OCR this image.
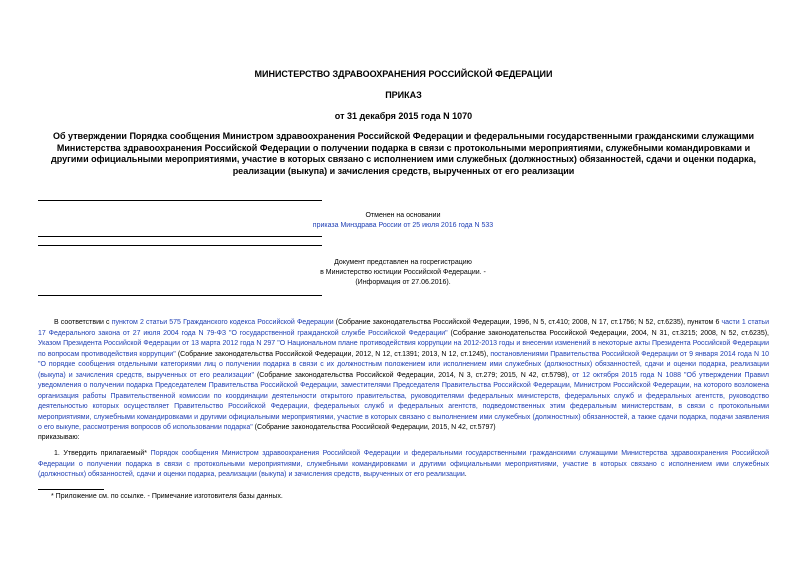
МИНИСТЕРСТВО ЗДРАВООХРАНЕНИЯ РОССИЙСКОЙ ФЕДЕРАЦИИ
ПРИКАЗ
от 31 декабря 2015 года N 1070
Об утверждении Порядка сообщения Министром здравоохранения Российской Федерации и федеральными государственными гражданскими служащими Министерства здравоохранения Российской Федерации о получении подарка в связи с протокольными мероприятиями, служебными командировками и другими официальными мероприятиями, участие в которых связано с исполнением ими служебных (должностных) обязанностей, сдачи и оценки подарка, реализации (выкупа) и зачисления средств, вырученных от его реализации
Отменен на основании
приказа Минздрава России от 25 июля 2016 года N 533
Документ представлен на госрегистрацию
в Министерство юстиции Российской Федерации. -
(Информация от 27.06.2016).
В соответствии с пунктом 2 статьи 575 Гражданского кодекса Российской Федерации (Собрание законодательства Российской Федерации, 1996, N 5, ст.410; 2008, N 17, ст.1756; N 52, ст.6235), пунктом 6 части 1 статьи 17 Федерального закона от 27 июля 2004 года N 79-ФЗ "О государственной гражданской службе Российской Федерации" (Собрание законодательства Российской Федерации, 2004, N 31, ст.3215; 2008, N 52, ст.6235), Указом Президента Российской Федерации от 13 марта 2012 года N 297 "О Национальном плане противодействия коррупции на 2012-2013 годы и внесении изменений в некоторые акты Президента Российской Федерации по вопросам противодействия коррупции" (Собрание законодательства Российской Федерации, 2012, N 12, ст.1391; 2013, N 12, ст.1245), постановлениями Правительства Российской Федерации от 9 января 2014 года N 10 "О порядке сообщения отдельными категориями лиц о получении подарка в связи с их должностным положением или исполнением ими служебных (должностных) обязанностей, сдачи и оценки подарка, реализации (выкупа) и зачисления средств, вырученных от его реализации" (Собрание законодательства Российской Федерации, 2014, N 3, ст.279; 2015, N 42, ст.5798), от 12 октября 2015 года N 1088 "Об утверждении Правил уведомления о получении подарка Председателем Правительства Российской Федерации, заместителями Председателя Правительства Российской Федерации, Министром Российской Федерации, на которого возложена организация работы Правительственной комиссии по координации деятельности открытого правительства, руководителями федеральных министерств, федеральных служб и федеральных агентств, руководство деятельностью которых осуществляет Правительство Российской Федерации, федеральных служб и федеральных агентств, подведомственных этим федеральным министерствам, в связи с протокольными мероприятиями, служебными командировками и другими официальными мероприятиями, участие в которых связано с выполнением ими служебных (должностных) обязанностей, а также сдачи подарка, подачи заявления о его выкупе, рассмотрения вопросов об использовании подарка" (Собрание законодательства Российской Федерации, 2015, N 42, ст.5797)
приказываю:
1. Утвердить прилагаемый* Порядок сообщения Министром здравоохранения Российской Федерации и федеральными государственными гражданскими служащими Министерства здравоохранения Российской Федерации о получении подарка в связи с протокольными мероприятиями, служебными командировками и другими официальными мероприятиями, участие в которых связано с исполнением ими служебных (должностных) обязанностей, сдачи и оценки подарка, реализации (выкупа) и зачисления средств, вырученных от его реализации.
* Приложение см. по ссылке. - Примечание изготовителя базы данных.
